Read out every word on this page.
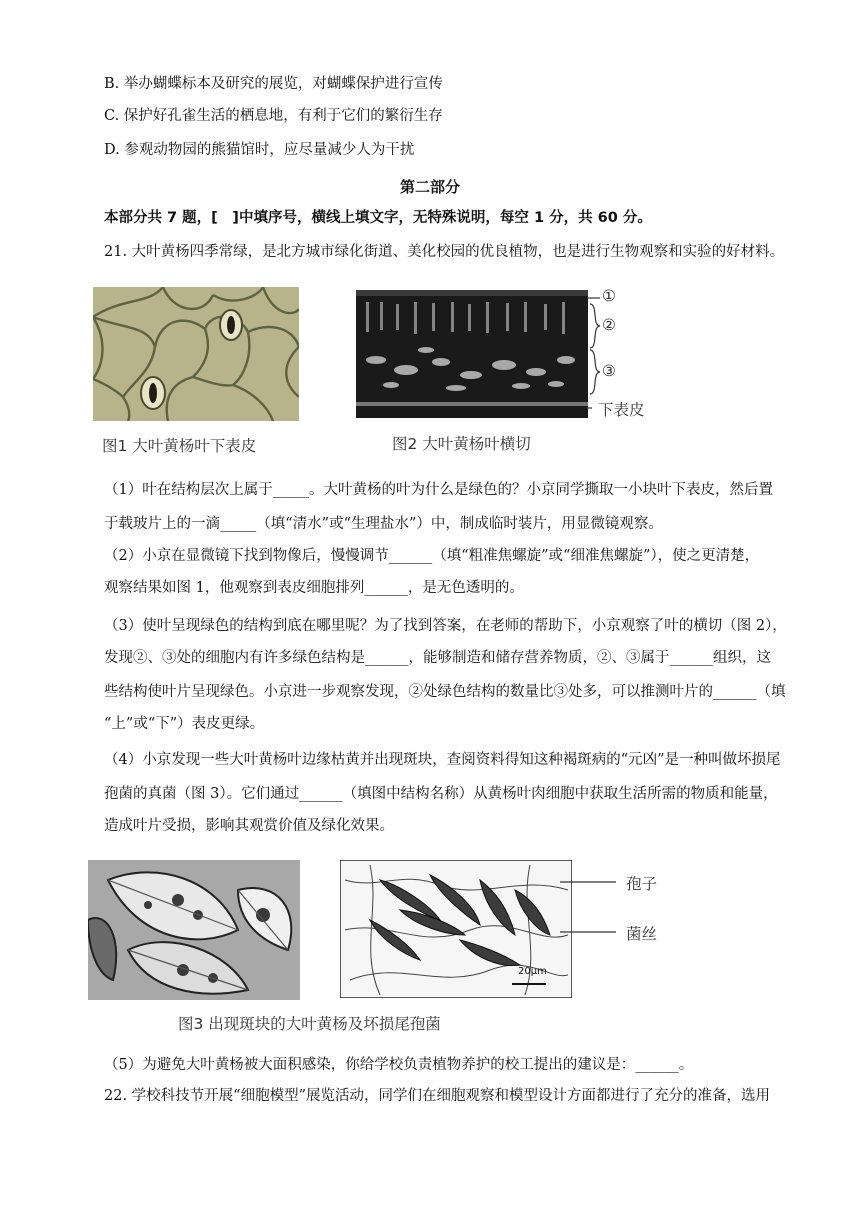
B. 举办蝴蝶标本及研究的展览，对蝴蝶保护进行宣传
C. 保护好孔雀生活的栖息地，有利于它们的繁衍生存
D. 参观动物园的熊猫馆时，应尽量减少人为干扰
第二部分
本部分共 7 题，[　]中填序号，横线上填文字，无特殊说明，每空 1 分，共 60 分。
21. 大叶黄杨四季常绿，是北方城市绿化街道、美化校园的优良植物，也是进行生物观察和实验的好材料。
图1 大叶黄杨叶下表皮
①
②
③
下表皮
图2 大叶黄杨叶横切
（1）叶在结构层次上属于_____。大叶黄杨的叶为什么是绿色的？小京同学撕取一小块叶下表皮，然后置
于载玻片上的一滴_____（填“清水”或“生理盐水”）中，制成临时装片，用显微镜观察。
（2）小京在显微镜下找到物像后，慢慢调节______（填“粗准焦螺旋”或“细准焦螺旋”），使之更清楚，
观察结果如图 1，他观察到表皮细胞排列______，是无色透明的。
（3）使叶呈现绿色的结构到底在哪里呢？为了找到答案，在老师的帮助下，小京观察了叶的横切（图 2），
发现②、③处的细胞内有许多绿色结构是______，能够制造和储存营养物质，②、③属于______组织，这
些结构使叶片呈现绿色。小京进一步观察发现，②处绿色结构的数量比③处多，可以推测叶片的______（填
“上”或“下”）表皮更绿。
（4）小京发现一些大叶黄杨叶边缘枯黄并出现斑块，查阅资料得知这种褐斑病的“元凶”是一种叫做坏损尾
孢菌的真菌（图 3）。它们通过______（填图中结构名称）从黄杨叶肉细胞中获取生活所需的物质和能量，
造成叶片受损，影响其观赏价值及绿化效果。
20μm
孢子
菌丝
图3 出现斑块的大叶黄杨及坏损尾孢菌
（5）为避免大叶黄杨被大面积感染，你给学校负责植物养护的校工提出的建议是：______。
22. 学校科技节开展“细胞模型”展览活动，同学们在细胞观察和模型设计方面都进行了充分的准备，选用
